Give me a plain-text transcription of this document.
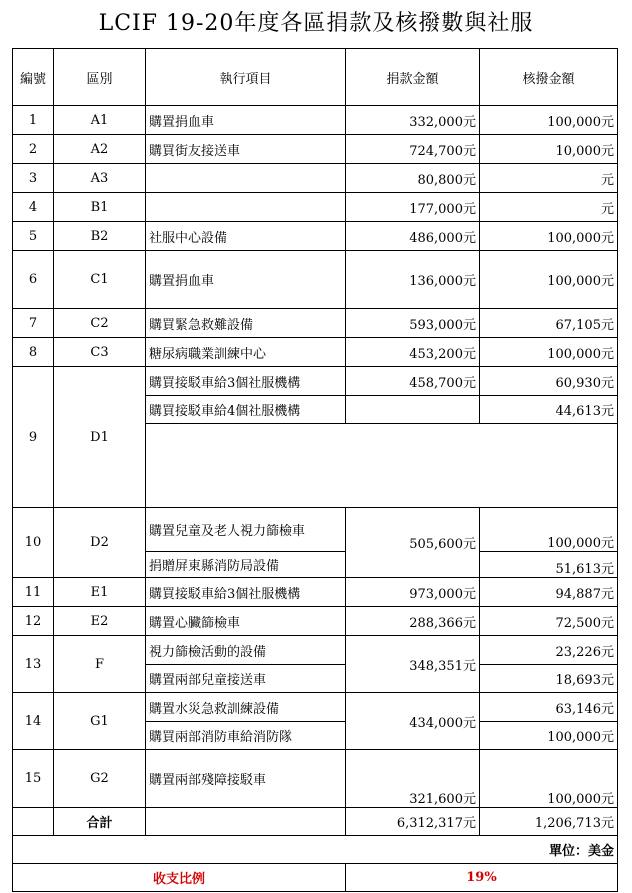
LCIF 19-20年度各區捐款及核撥數與社服
編號	區別	執行項目	捐款金額	核撥金額
1	A1	購置捐血車	332,000元	100,000元
2	A2	購買街友接送車	724,700元	10,000元
3	A3		80,800元	元
4	B1		177,000元	元
5	B2	社服中心設備	486,000元	100,000元
6	C1	購置捐血車	136,000元	100,000元
7	C2	購買緊急救難設備	593,000元	67,105元
8	C3	糖尿病職業訓練中心	453,200元	100,000元
9	D1	購買接駁車給3個社服機構	458,700元	60,930元
		購買接駁車給4個社服機構		44,613元

10	D2	購置兒童及老人視力篩檢車	505,600元	100,000元
		捐贈屏東縣消防局設備		51,613元
11	E1	購買接駁車給3個社服機構	973,000元	94,887元
12	E2	購置心臟篩檢車	288,366元	72,500元
13	F	視力篩檢活動的設備	348,351元	23,226元
		購置兩部兒童接送車		18,693元
14	G1	購置水災急救訓練設備	434,000元	63,146元
		購買兩部消防車給消防隊		100,000元
15	G2	購置兩部殘障接駁車	321,600元	100,000元
	合計		6,312,317元	1,206,713元
單位：美金				
收支比例			19%	
